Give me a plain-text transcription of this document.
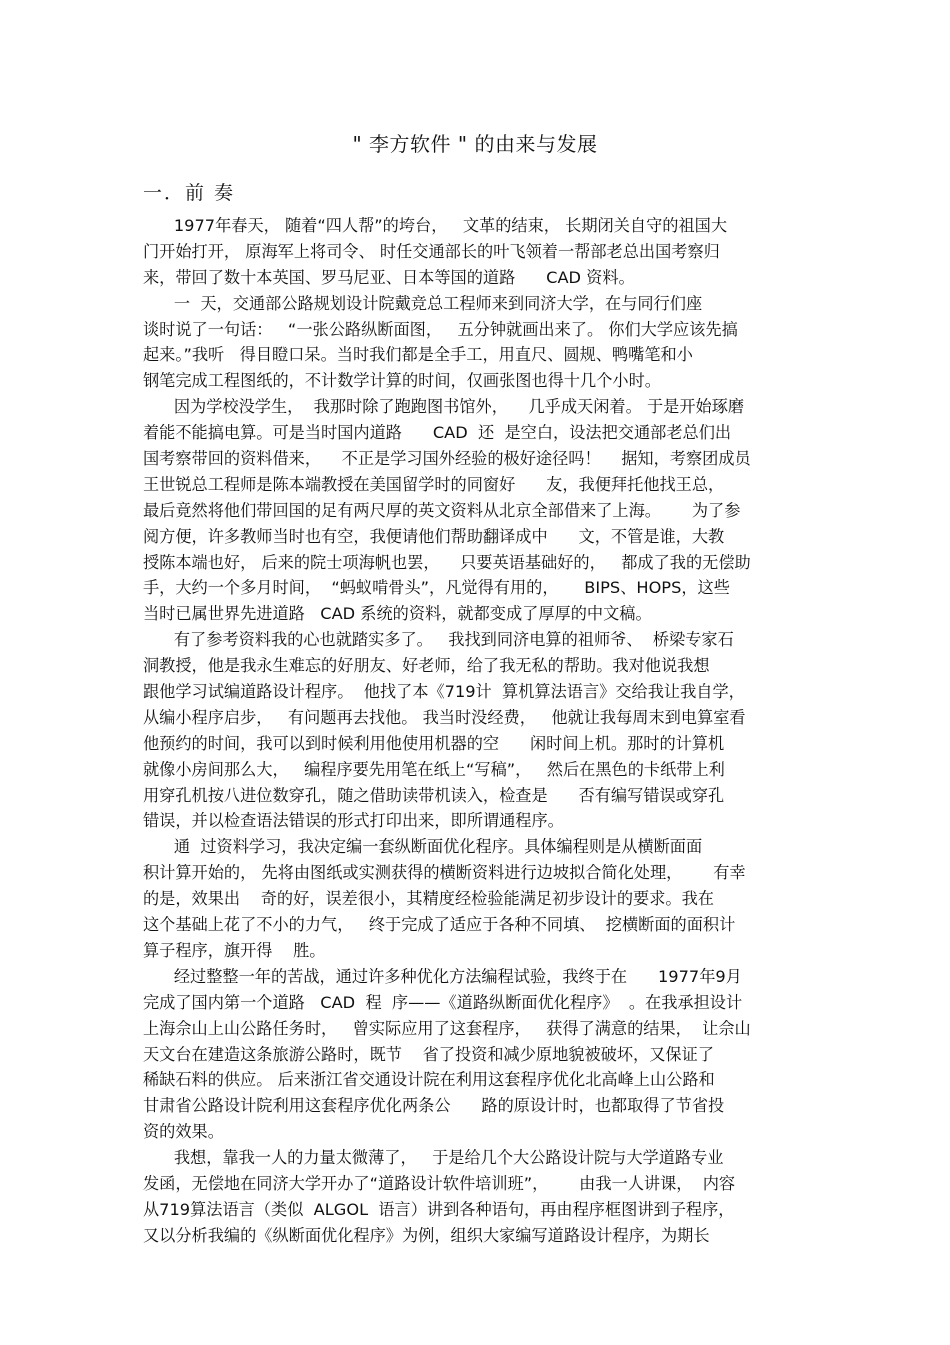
" 李方软件 " 的由来与发展
一．前 奏
1977年春天， 随着“四人帮”的垮台，   文革的结束， 长期闭关自守的祖国大
门开始打开， 原海军上将司令、 时任交通部长的叶飞领着一帮部老总出国考察归
来，带回了数十本英国、罗马尼亚、日本等国的道路      CAD 资料。
一  天，交通部公路规划设计院戴竞总工程师来到同济大学，在与同行们座
谈时说了一句话：   “一张公路纵断面图，   五分钟就画出来了。 你们大学应该先搞
起来。”我听   得目瞪口呆。当时我们都是全手工，用直尺、圆规、鸭嘴笔和小
钢笔完成工程图纸的，不计数学计算的时间，仅画张图也得十几个小时。
因为学校没学生，  我那时除了跑跑图书馆外，    几乎成天闲着。 于是开始琢磨
着能不能搞电算。可是当时国内道路      CAD  还  是空白，设法把交通部老总们出
国考察带回的资料借来，    不正是学习国外经验的极好途径吗！    据知，考察团成员
王世锐总工程师是陈本端教授在美国留学时的同窗好      友，我便拜托他找王总，
最后竟然将他们带回国的足有两尺厚的英文资料从北京全部借来了上海。      为了参
阅方便，许多教师当时也有空，我便请他们帮助翻译成中      文，不管是谁，大教
授陈本端也好， 后来的院士项海帆也罢，    只要英语基础好的，   都成了我的无偿助
手，大约一个多月时间，  “蚂蚁啃骨头”，凡觉得有用的，     BIPS、HOPS，这些
当时已属世界先进道路   CAD 系统的资料，就都变成了厚厚的中文稿。
有了参考资料我的心也就踏实多了。   我找到同济电算的祖师爷、  桥梁专家石
洞教授，他是我永生难忘的好朋友、好老师，给了我无私的帮助。我对他说我想
跟他学习试编道路设计程序。  他找了本《719计  算机算法语言》交给我让我自学，
从编小程序启步，   有问题再去找他。 我当时没经费，   他就让我每周末到电算室看
他预约的时间，我可以到时候利用他使用机器的空      闲时间上机。那时的计算机
就像小房间那么大，   编程序要先用笔在纸上“写稿”，   然后在黑色的卡纸带上利
用穿孔机按八进位数穿孔，随之借助读带机读入，检查是      否有编写错误或穿孔
错误，并以检查语法错误的形式打印出来，即所谓通程序。
通  过资料学习，我决定编一套纵断面优化程序。具体编程则是从横断面面
积计算开始的， 先将由图纸或实测获得的横断资料进行边坡拟合简化处理，      有幸
的是，效果出    奇的好，误差很小，其精度经检验能满足初步设计的要求。我在
这个基础上花了不小的力气，   终于完成了适应于各种不同填、  挖横断面的面积计
算子程序，旗开得    胜。
经过整整一年的苦战，通过许多种优化方法编程试验，我终于在      1977年9月
完成了国内第一个道路   CAD  程  序——《道路纵断面优化程序》  。在我承担设计
上海佘山上山公路任务时，   曾实际应用了这套程序，   获得了满意的结果，  让佘山
天文台在建造这条旅游公路时，既节    省了投资和减少原地貌被破坏，又保证了
稀缺石料的供应。 后来浙江省交通设计院在利用这套程序优化北高峰上山公路和
甘肃省公路设计院利用这套程序优化两条公      路的原设计时，也都取得了节省投
资的效果。
我想，靠我一人的力量太微薄了，   于是给几个大公路设计院与大学道路专业
发函，无偿地在同济大学开办了“道路设计软件培训班”，      由我一人讲课，  内容
从719算法语言（类似  ALGOL  语言）讲到各种语句，再由程序框图讲到子程序，
又以分析我编的《纵断面优化程序》为例，组织大家编写道路设计程序，为期长
